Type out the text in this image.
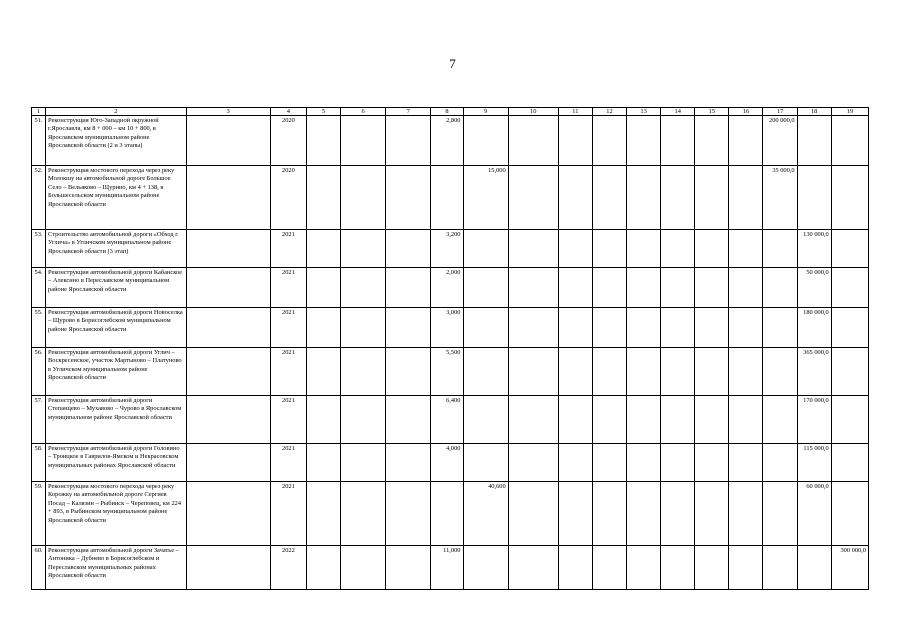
7
1	2	3	4	5	6	7	8	9	10	11	12	13	14	15	16	17	18	19
51.	Реконструкция Юго-Западной окружной г.Ярославля, км 8 + 000 – км 10 + 800, в Ярославском муниципальном районе Ярославской области (2 и 3 этапы)		2020				2,800									200 000,0		
52.	Реконструкция мостового перехода через реку Молокшу на автомобильной дороге Большое Село – Вельяково – Щурино, км 4 + 138, в Большесельском муниципальном районе Ярославской области		2020					15,000								35 000,0		
53.	Строительство автомобильной дороги «Обход г. Углича» в Угличском муниципальном районе Ярославской области (3 этап)		2021				3,200										130 000,0	
54.	Реконструкция автомобильной дороги Кабанское – Алексино в Переславском муниципальном районе Ярославской области		2021				2,000										50 000,0	
55.	Реконструкция автомобильной дороги Новоселка – Щурово в Борисоглебском муниципальном районе Ярославской области		2021				3,000										180 000,0	
56.	Реконструкция автомобильной дороги Углич – Воскресенское, участок Мартыново – Платуново в Угличском муниципальном районе Ярославской области		2021				5,500										365 000,0	
57.	Реконструкция автомобильной дороги Степанцево – Мухавово – Чурово в Ярославском муниципальном районе Ярославской области		2021				6,400										170 000,0	
58.	Реконструкция автомобильной дороги Головино – Троицкое в Гаврилов-Ямском и Некрасовском муниципальных районах Ярославской области		2021				4,000										115 000,0	
59.	Реконструкция мостового перехода через реку Корожку на автомобильной дороге Сергиев Посад – Калязин – Рыбинск – Череповец, км 224 + 893, в Рыбинском муниципальном районе Ярославской области		2021					40,600									60 000,0	
60.	Реконструкция автомобильной дороги Зачатье – Антоника – Дубнево в Борисоглебском и Переславском муниципальных районах Ярославской области		2022				11,000											300 000,0
